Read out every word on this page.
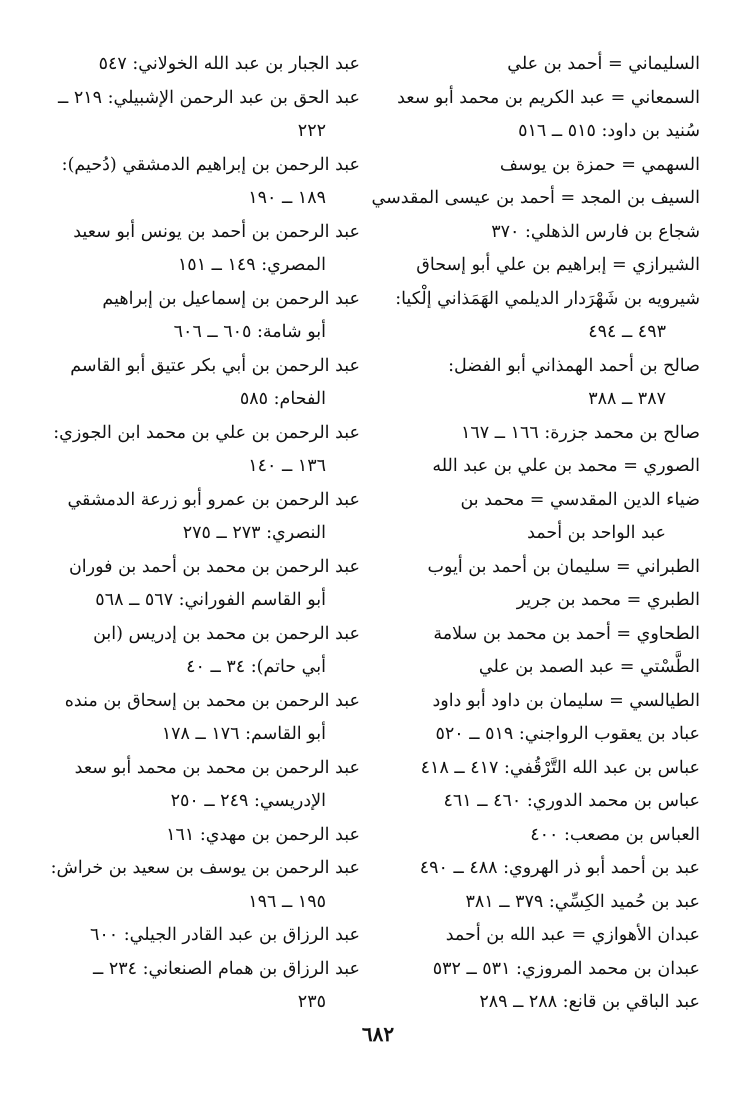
السليماني = أحمد بن علي
السمعاني = عبد الكريم بن محمد أبو سعد
سُنيد بن داود: ٥١٥ ــ ٥١٦
السهمي = حمزة بن يوسف
السيف بن المجد = أحمد بن عيسى المقدسي
شجاع بن فارس الذهلي: ٣٧٠
الشيرازي = إبراهيم بن علي أبو إسحاق
شيرويه بن شَهْرَدار الديلمي الهَمَذاني إلْكيا:
٤٩٣ ــ ٤٩٤
صالح بن أحمد الهمذاني أبو الفضل:
٣٨٧ ــ ٣٨٨
صالح بن محمد جزرة: ١٦٦ ــ ١٦٧
الصوري = محمد بن علي بن عبد الله
ضياء الدين المقدسي = محمد بن
عبد الواحد بن أحمد
الطبراني = سليمان بن أحمد بن أيوب
الطبري = محمد بن جرير
الطحاوي = أحمد بن محمد بن سلامة
الطَّسْتي = عبد الصمد بن علي
الطيالسي = سليمان بن داود أبو داود
عباد بن يعقوب الرواجني: ٥١٩ ــ ٥٢٠
عباس بن عبد الله التَّرْقُفي: ٤١٧ ــ ٤١٨
عباس بن محمد الدوري: ٤٦٠ ــ ٤٦١
العباس بن مصعب: ٤٠٠
عبد بن أحمد أبو ذر الهروي: ٤٨٨ ــ ٤٩٠
عبد بن حُميد الكِسِّي: ٣٧٩ ــ ٣٨١
عبدان الأهوازي = عبد الله بن أحمد
عبدان بن محمد المروزي: ٥٣١ ــ ٥٣٢
عبد الباقي بن قانع: ٢٨٨ ــ ٢٨٩
عبد الجبار بن عبد الله الخولاني: ٥٤٧
عبد الحق بن عبد الرحمن الإشبيلي: ٢١٩ ــ
٢٢٢
عبد الرحمن بن إبراهيم الدمشقي (دُحيم):
١٨٩ ــ ١٩٠
عبد الرحمن بن أحمد بن يونس أبو سعيد
المصري: ١٤٩ ــ ١٥١
عبد الرحمن بن إسماعيل بن إبراهيم
أبو شامة: ٦٠٥ ــ ٦٠٦
عبد الرحمن بن أبي بكر عتيق أبو القاسم
الفحام: ٥٨٥
عبد الرحمن بن علي بن محمد ابن الجوزي:
١٣٦ ــ ١٤٠
عبد الرحمن بن عمرو أبو زرعة الدمشقي
النصري: ٢٧٣ ــ ٢٧٥
عبد الرحمن بن محمد بن أحمد بن فوران
أبو القاسم الفوراني: ٥٦٧ ــ ٥٦٨
عبد الرحمن بن محمد بن إدريس (ابن
أبي حاتم): ٣٤ ــ ٤٠
عبد الرحمن بن محمد بن إسحاق بن منده
أبو القاسم: ١٧٦ ــ ١٧٨
عبد الرحمن بن محمد بن محمد أبو سعد
الإدريسي: ٢٤٩ ــ ٢٥٠
عبد الرحمن بن مهدي: ١٦١
عبد الرحمن بن يوسف بن سعيد بن خراش:
١٩٥ ــ ١٩٦
عبد الرزاق بن عبد القادر الجيلي: ٦٠٠
عبد الرزاق بن همام الصنعاني: ٢٣٤ ــ
٢٣٥
٦٨٢
